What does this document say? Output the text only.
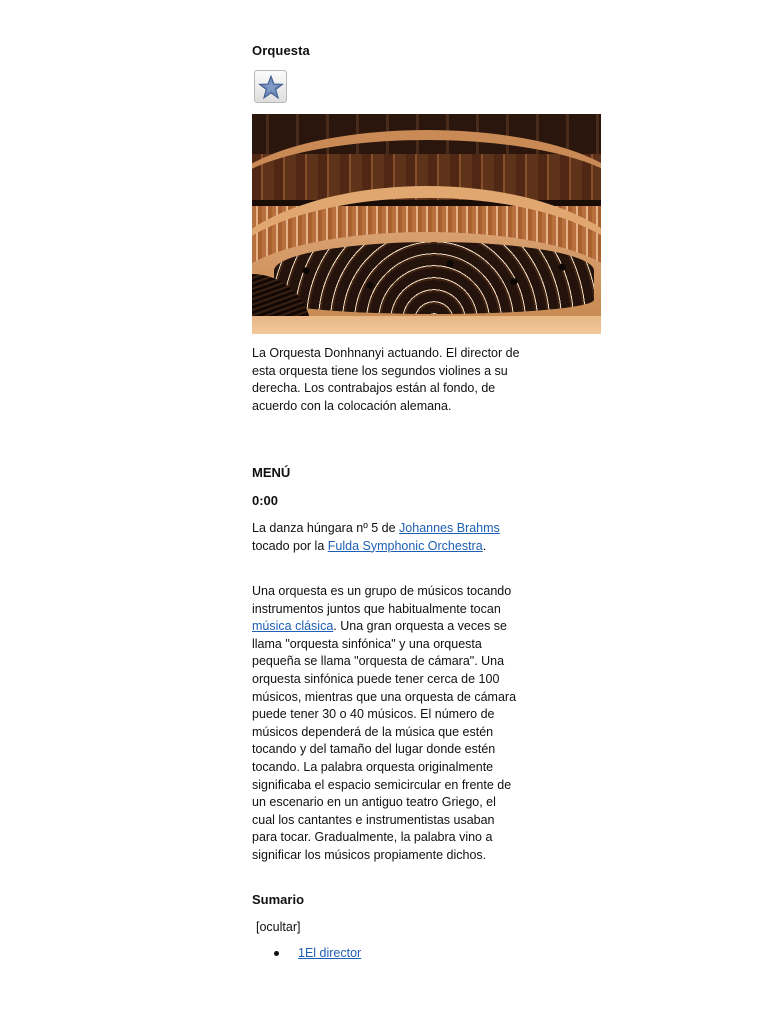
Orquesta
La Orquesta Donhnanyi actuando. El director de esta orquesta tiene los segundos violines a su derecha. Los contrabajos están al fondo, de acuerdo con la colocación alemana.
MENÚ
0:00
La danza húngara nº 5 de Johannes Brahms tocado por la Fulda Symphonic Orchestra.
Una orquesta es un grupo de músicos tocando instrumentos juntos que habitualmente tocan música clásica. Una gran orquesta a veces se llama "orquesta sinfónica" y una orquesta pequeña se llama "orquesta de cámara". Una orquesta sinfónica puede tener cerca de 100 músicos, mientras que una orquesta de cámara puede tener 30 o 40 músicos. El número de músicos dependerá de la música que estén tocando y del tamaño del lugar donde estén tocando. La palabra orquesta originalmente significaba el espacio semicircular en frente de un escenario en un antiguo teatro Griego, el cual los cantantes e instrumentistas usaban para tocar. Gradualmente, la palabra vino a significar los músicos propiamente dichos.
Sumario
[ocultar]
1El director
